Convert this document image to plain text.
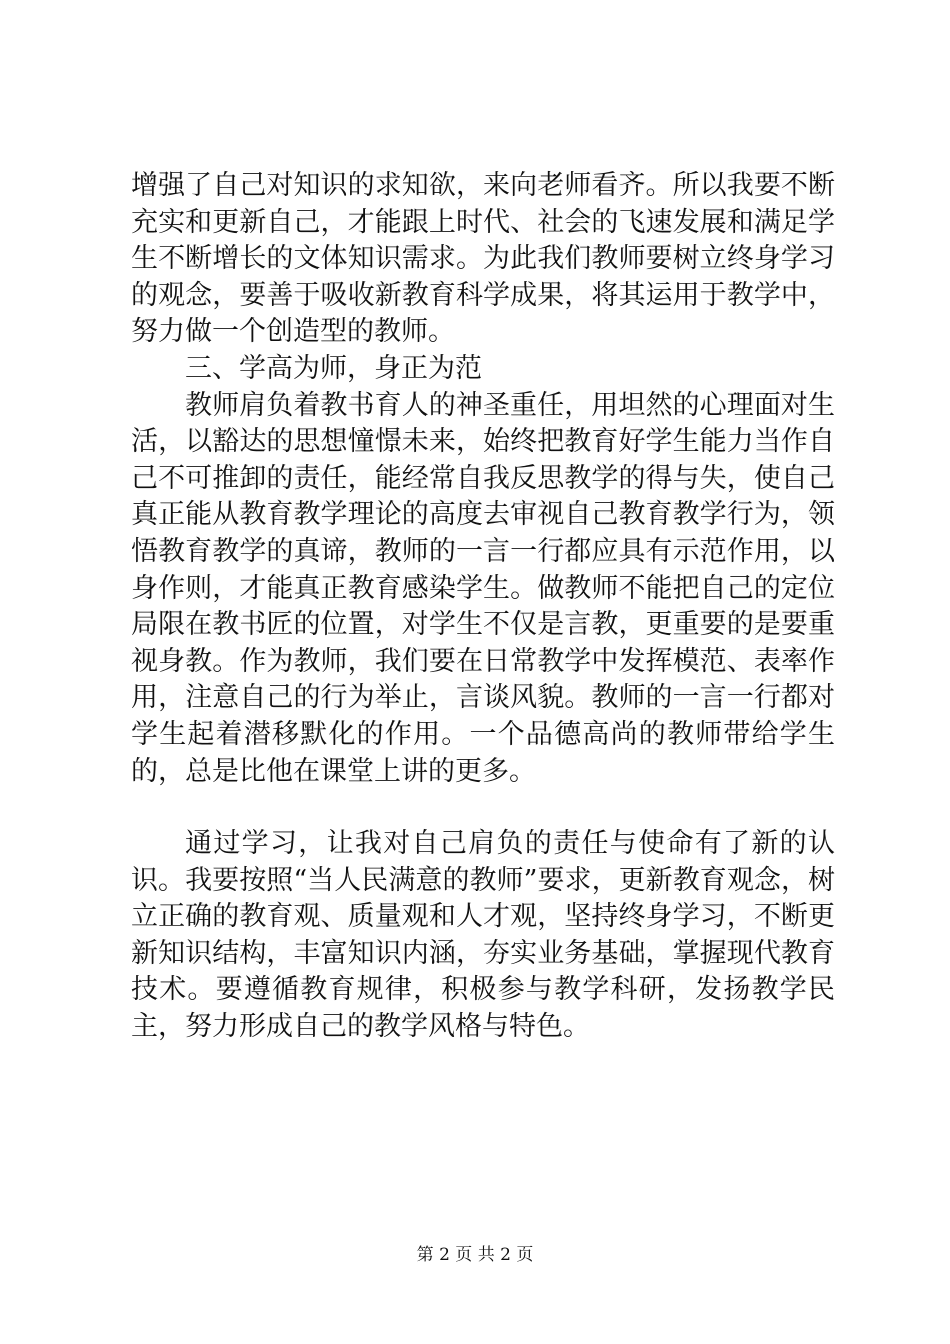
增强了自己对知识的求知欲，来向老师看齐。所以我要不断充实和更新自己，才能跟上时代、社会的飞速发展和满足学生不断增长的文体知识需求。为此我们教师要树立终身学习的观念，要善于吸收新教育科学成果，将其运用于教学中，努力做一个创造型的教师。

三、学高为师，身正为范

教师肩负着教书育人的神圣重任，用坦然的心理面对生活，以豁达的思想憧憬未来，始终把教育好学生能力当作自己不可推卸的责任，能经常自我反思教学的得与失，使自己真正能从教育教学理论的高度去审视自己教育教学行为，领悟教育教学的真谛，教师的一言一行都应具有示范作用，以身作则，才能真正教育感染学生。做教师不能把自己的定位局限在教书匠的位置，对学生不仅是言教，更重要的是要重视身教。作为教师，我们要在日常教学中发挥模范、表率作用，注意自己的行为举止，言谈风貌。教师的一言一行都对学生起着潜移默化的作用。一个品德高尚的教师带给学生的，总是比他在课堂上讲的更多。

通过学习，让我对自己肩负的责任与使命有了新的认识。我要按照“当人民满意的教师”要求，更新教育观念，树立正确的教育观、质量观和人才观，坚持终身学习，不断更新知识结构，丰富知识内涵，夯实业务基础，掌握现代教育技术。要遵循教育规律，积极参与教学科研，发扬教学民主，努力形成自己的教学风格与特色。

第 2 页 共 2 页
